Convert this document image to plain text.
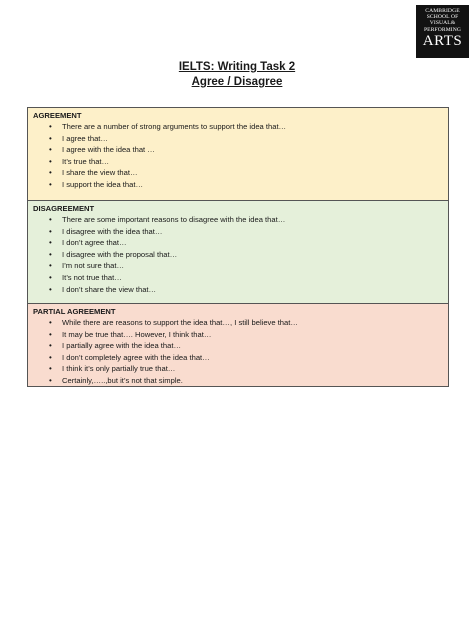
CAMBRIDGE
SCHOOL OF
VISUAL&
PERFORMING
ARTS
IELTS: Writing Task 2
Agree / Disagree
AGREEMENT
• There are a number of strong arguments to support the idea that…
• I agree that…
• I agree with the idea that …
• It’s true that…
• I share the view that…
• I support the idea that…
DISAGREEMENT
• There are some important reasons to disagree with the idea that…
• I disagree with the idea that…
• I don’t agree that…
• I disagree with the proposal that…
• I’m not sure that…
• It’s not true that…
• I don’t share the view that…
PARTIAL AGREEMENT
• While there are reasons to support the idea that…, I still believe that…
• It may be true that…. However, I think that…
• I partially agree with the idea that…
• I don’t completely agree with the idea that…
• I think it’s only partially true that…
• Certainly,…..,but it’s not that simple.
